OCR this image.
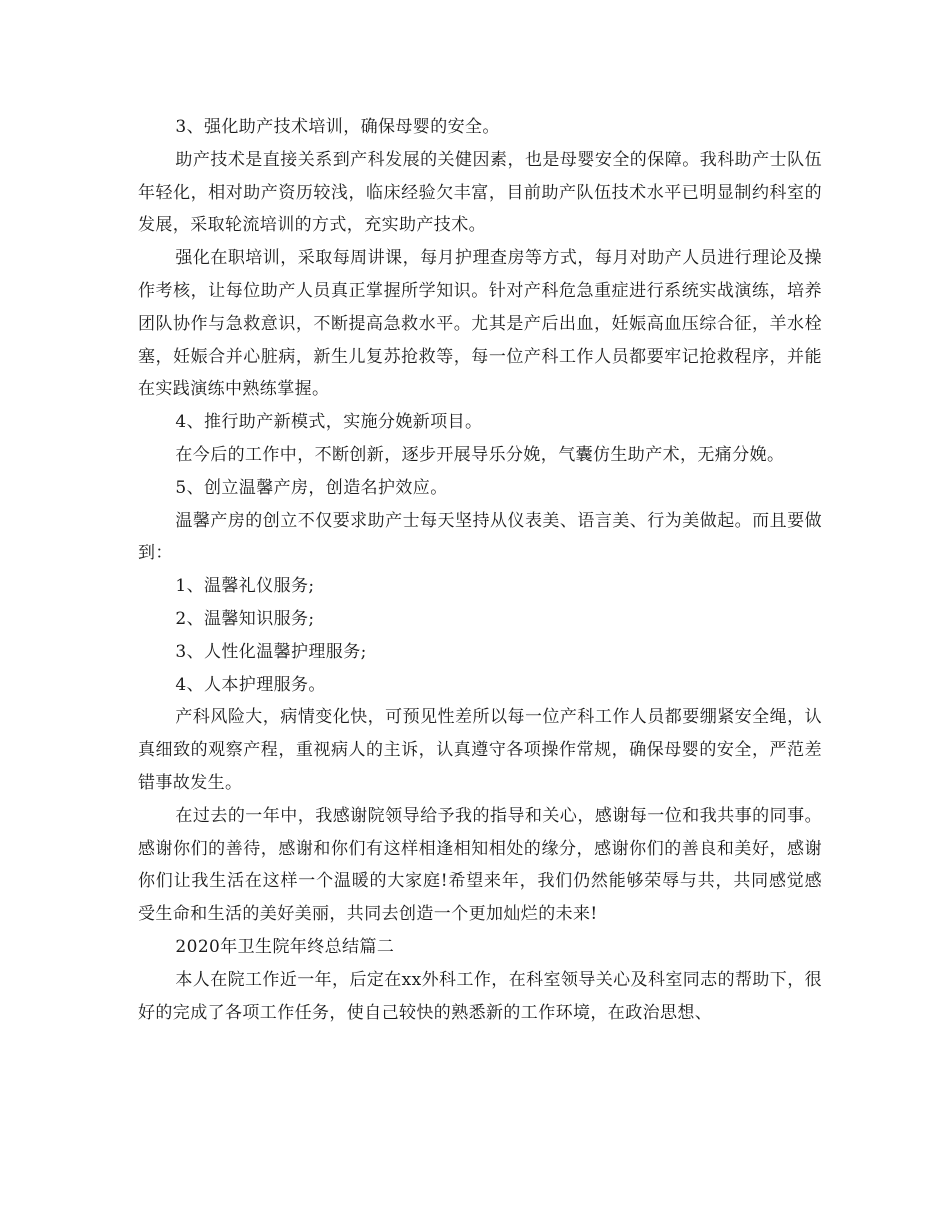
3、强化助产技术培训，确保母婴的安全。

助产技术是直接关系到产科发展的关健因素，也是母婴安全的保障。我科助产士队伍年轻化，相对助产资历较浅，临床经验欠丰富，目前助产队伍技术水平已明显制约科室的发展，采取轮流培训的方式，充实助产技术。

强化在职培训，采取每周讲课，每月护理查房等方式，每月对助产人员进行理论及操作考核，让每位助产人员真正掌握所学知识。针对产科危急重症进行系统实战演练，培养团队协作与急救意识，不断提高急救水平。尤其是产后出血，妊娠高血压综合征，羊水栓塞，妊娠合并心脏病，新生儿复苏抢救等，每一位产科工作人员都要牢记抢救程序，并能在实践演练中熟练掌握。

4、推行助产新模式，实施分娩新项目。

在今后的工作中，不断创新，逐步开展导乐分娩，气囊仿生助产术，无痛分娩。

5、创立温馨产房，创造名护效应。

温馨产房的创立不仅要求助产士每天坚持从仪表美、语言美、行为美做起。而且要做到：

1、温馨礼仪服务;

2、温馨知识服务;

3、人性化温馨护理服务;

4、人本护理服务。

产科风险大，病情变化快，可预见性差所以每一位产科工作人员都要绷紧安全绳，认真细致的观察产程，重视病人的主诉，认真遵守各项操作常规，确保母婴的安全，严范差错事故发生。

在过去的一年中，我感谢院领导给予我的指导和关心，感谢每一位和我共事的同事。感谢你们的善待，感谢和你们有这样相逢相知相处的缘分，感谢你们的善良和美好，感谢你们让我生活在这样一个温暖的大家庭!希望来年，我们仍然能够荣辱与共，共同感觉感受生命和生活的美好美丽，共同去创造一个更加灿烂的未来!

2020年卫生院年终总结篇二

本人在院工作近一年，后定在xx外科工作，在科室领导关心及科室同志的帮助下，很好的完成了各项工作任务，使自己较快的熟悉新的工作环境，在政治思想、
